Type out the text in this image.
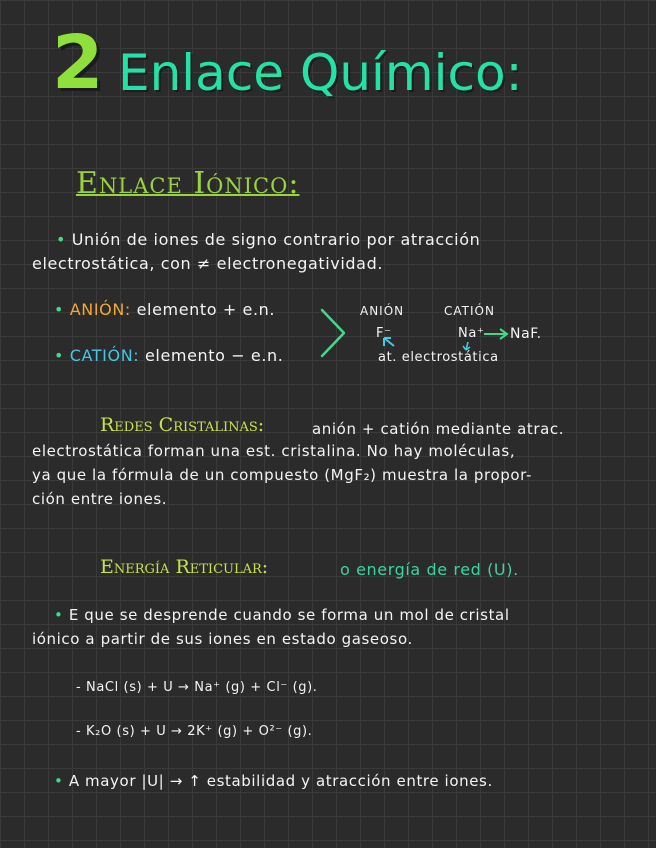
2 Enlace Químico:
Enlace Iónico:
• Unión de iones de signo contrario por atracción
electrostática, con ≠ electronegatividad.
• ANIÓN: elemento + e.n.
• CATIÓN: elemento − e.n.
ANIÓN	CATIÓN
F⁻	Na⁺ NaF.
at. electrostática
Redes Cristalinas:	anión + catión mediante atrac.
electrostática forman una est. cristalina. No hay moléculas,
ya que la fórmula de un compuesto (MgF₂) muestra la propor-
ción entre iones.
Energía Reticular:	o energía de red (U).
• E que se desprende cuando se forma un mol de cristal
iónico a partir de sus iones en estado gaseoso.
- NaCl (s) + U → Na⁺ (g) + Cl⁻ (g).
- K₂O (s) + U → 2K⁺ (g) + O²⁻ (g).
• A mayor |U| → ↑ estabilidad y atracción entre iones.
